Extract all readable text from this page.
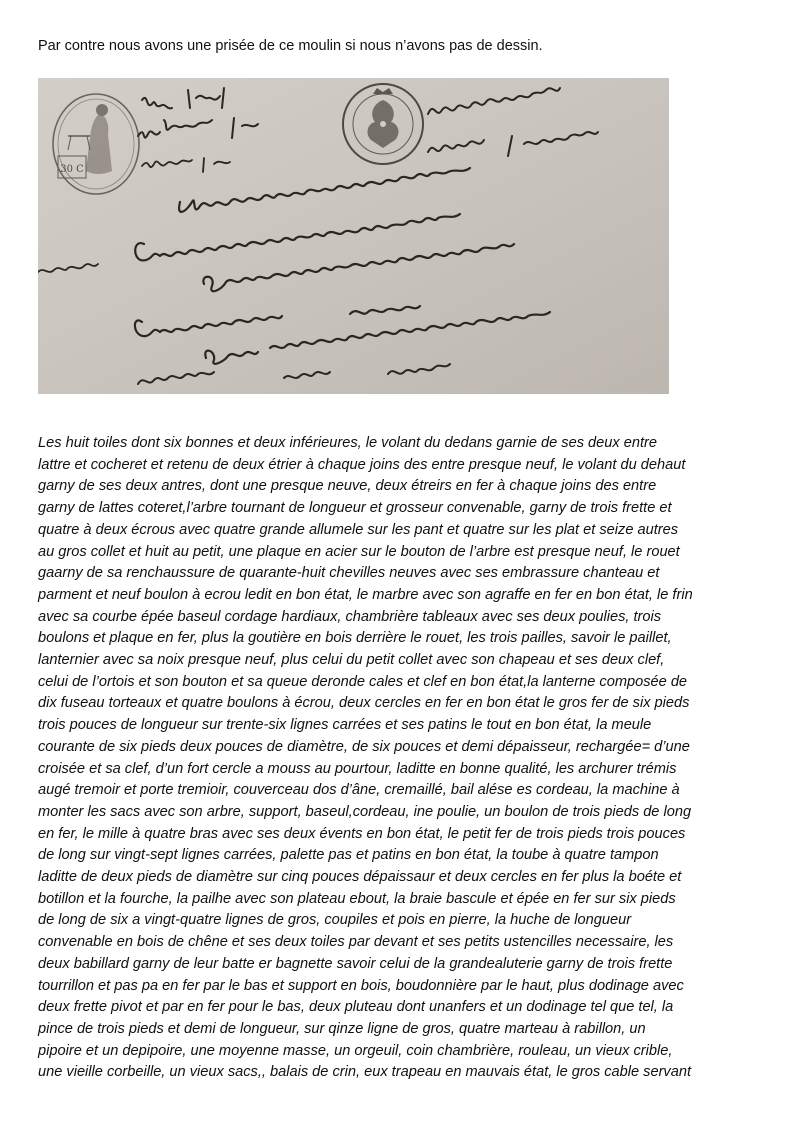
Par contre nous avons une prisée de ce moulin si nous n’avons pas de dessin.
30 C
Les huit toiles dont six bonnes et deux inférieures, le volant du dedans garnie de ses deux entre
lattre et cocheret et retenu de deux étrier à chaque joins des entre presque neuf, le volant du dehaut
garny de ses deux antres, dont une presque neuve, deux étreirs en fer à chaque joins des entre
garny de lattes coteret,l’arbre tournant de longueur et grosseur convenable, garny de trois frette et
quatre à deux écrous avec quatre grande allumele sur les pant et quatre sur les plat et seize autres
au gros collet et huit au petit, une plaque en acier sur le bouton de l’arbre est presque neuf, le rouet
gaarny de sa renchaussure de quarante-huit chevilles neuves avec ses embrassure chanteau et
parment et neuf boulon à ecrou ledit en bon état, le marbre avec son agraffe en fer en bon état, le frin
avec sa courbe épée baseul cordage hardiaux, chambrière tableaux avec ses deux poulies, trois
boulons et plaque en fer, plus la goutière en bois derrière le rouet, les trois pailles, savoir le paillet,
lanternier avec sa noix presque neuf, plus celui du petit collet avec son chapeau et ses deux clef,
celui de l’ortois et son bouton et sa queue deronde cales et clef en bon état,la lanterne composée de
dix fuseau torteaux et quatre boulons à écrou, deux cercles en fer en bon état le gros fer de six pieds
trois pouces de longueur sur trente-six lignes carrées et ses patins le tout en bon état, la meule
courante de six pieds deux pouces de diamètre, de six pouces et demi dépaisseur, rechargée= d’une
croisée et sa clef, d’un fort cercle a mouss au pourtour, laditte en bonne qualité, les archurer trémis
augé tremoir et porte tremioir, couverceau dos d’âne, cremaillé, bail alése es cordeau, la machine à
monter les sacs avec son arbre, support, baseul,cordeau, ine poulie, un boulon de trois pieds de long
en fer, le mille à quatre bras avec ses deux évents en bon état, le petit fer de trois pieds trois pouces
de long sur vingt-sept lignes carrées, palette pas et patins en bon état, la toube à quatre tampon
laditte de deux pieds de diamètre sur cinq pouces dépaissaur et deux cercles en fer plus la boéte et
botillon et la fourche, la pailhe avec son plateau ebout, la braie bascule et épée en fer sur six pieds
de long de six a vingt-quatre lignes de gros, coupiles et pois en pierre, la huche de longueur
convenable en bois de chêne et ses deux toiles par devant et ses petits ustencilles necessaire, les
deux babillard garny de leur batte er bagnette savoir celui de la grandealuterie garny de trois frette
tourrillon et pas pa en fer par le bas et support en bois, boudonnière par le haut, plus dodinage avec
deux frette pivot et par en fer pour le bas, deux pluteau dont unanfers et un dodinage tel que tel, la
pince de trois pieds et demi de longueur, sur qinze ligne de gros, quatre marteau à rabillon, un
pipoire et un depipoire, une moyenne masse, un orgeuil, coin chambrière, rouleau, un vieux crible,
une vieille corbeille, un vieux sacs,, balais de crin, eux trapeau en mauvais état, le gros cable servant
